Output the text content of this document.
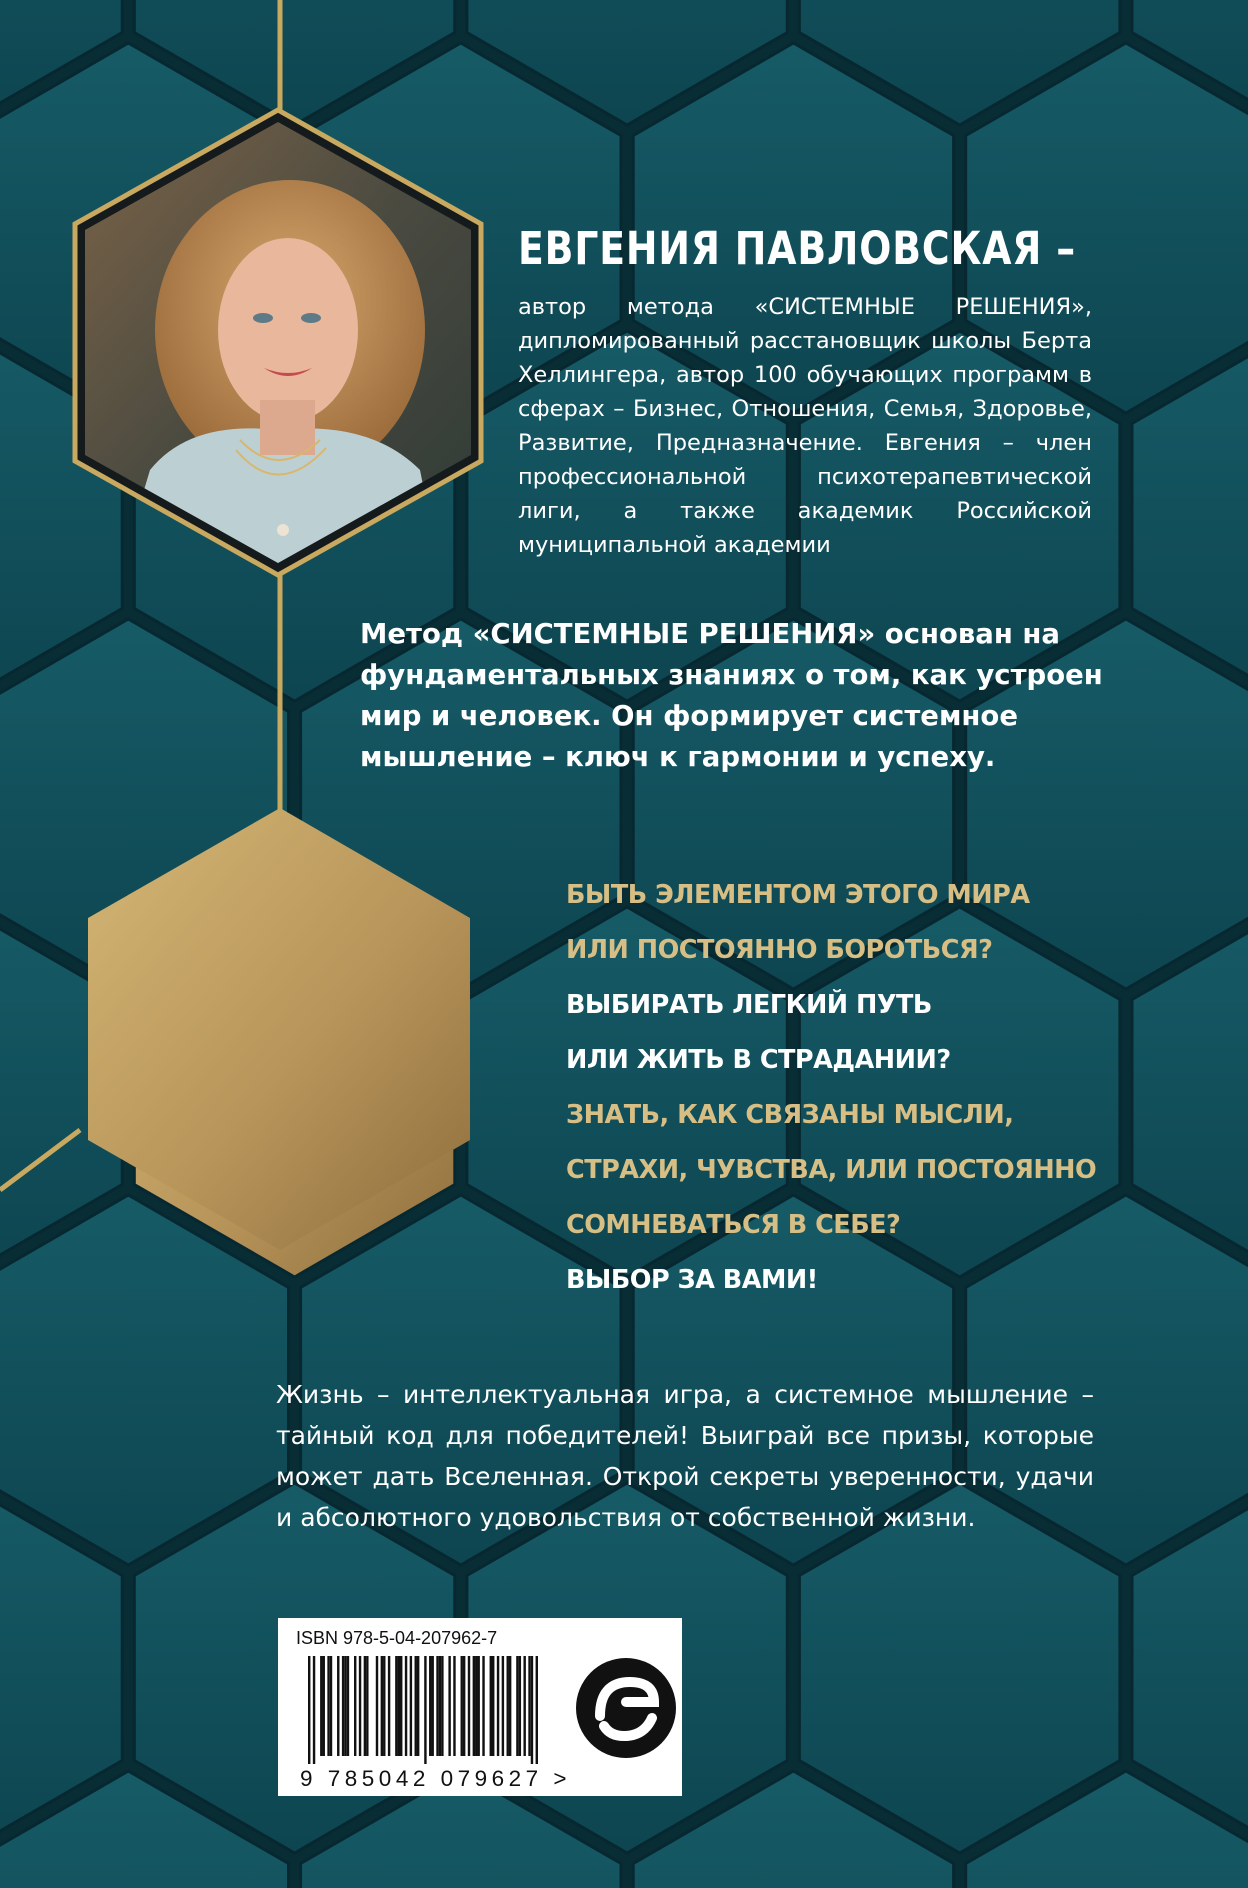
ЕВГЕНИЯ ПАВЛОВСКАЯ –

автор метода «СИСТЕМНЫЕ РЕШЕНИЯ», дипломированный расстановщик школы Берта Хеллингера, автор 100 обучающих программ в сферах – Бизнес, Отношения, Семья, Здоровье, Развитие, Предназначение. Евгения – член профессиональной психотерапевтической лиги, а также академик Российской муниципальной академии

Метод «СИСТЕМНЫЕ РЕШЕНИЯ» основан на фундаментальных знаниях о том, как устроен мир и человек. Он формирует системное мышление – ключ к гармонии и успеху.

БЫТЬ ЭЛЕМЕНТОМ ЭТОГО МИРА
ИЛИ ПОСТОЯННО БОРОТЬСЯ?
ВЫБИРАТЬ ЛЕГКИЙ ПУТЬ
ИЛИ ЖИТЬ В СТРАДАНИИ?
ЗНАТЬ, КАК СВЯЗАНЫ МЫСЛИ,
СТРАХИ, ЧУВСТВА, ИЛИ ПОСТОЯННО
СОМНЕВАТЬСЯ В СЕБЕ?
ВЫБОР ЗА ВАМИ!

Жизнь – интеллектуальная игра, а системное мышление – тайный код для победителей! Выиграй все призы, которые может дать Вселенная. Открой секреты уверенности, удачи и абсолютного удовольствия от собственной жизни.

ISBN 978-5-04-207962-7
9 785042 079627 >
